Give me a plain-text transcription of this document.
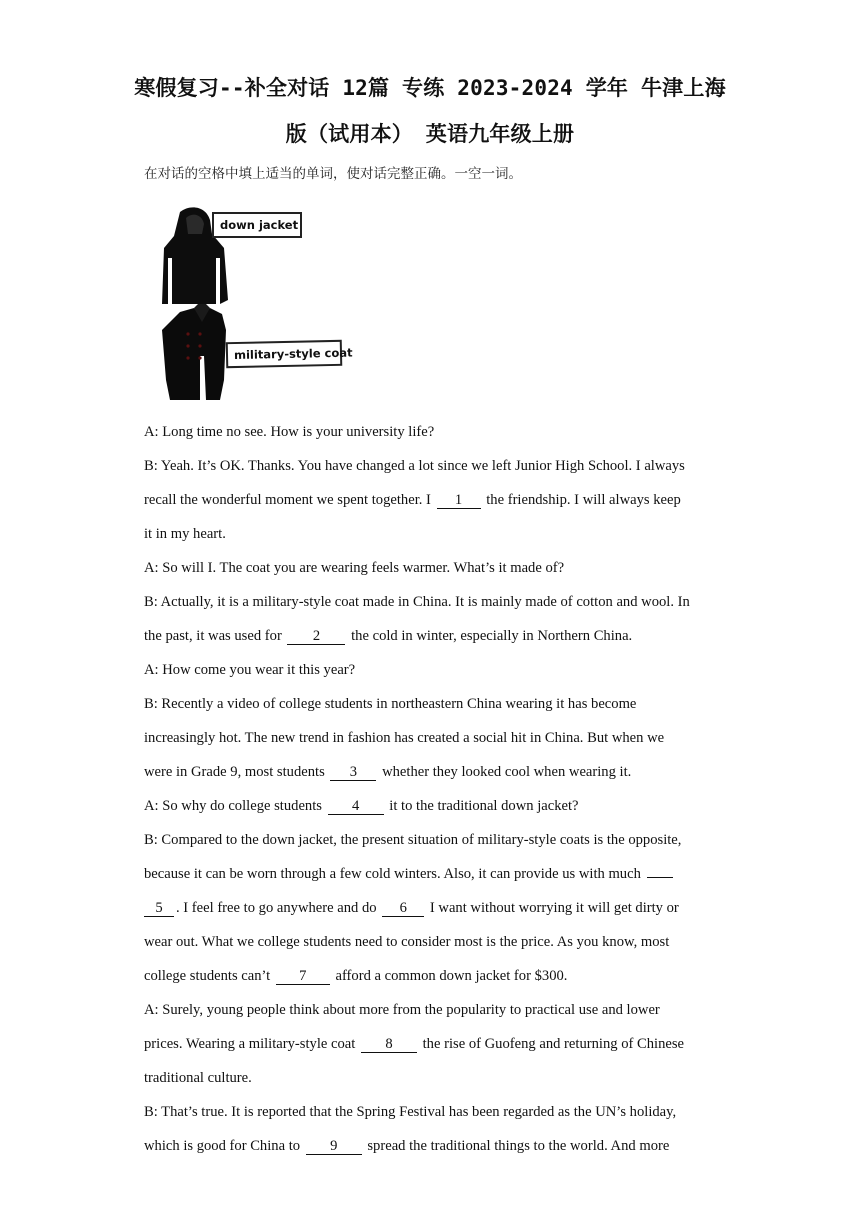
寒假复习--补全对话 12篇 专练 2023-2024 学年 牛津上海
版（试用本） 英语九年级上册
在对话的空格中填上适当的单词，使对话完整正确。一空一词。
down jacket
military-style coat
A: Long time no see. How is your university life?
B: Yeah. It’s OK. Thanks. You have changed a lot since we left Junior High School. I always
recall the wonderful moment we spent together. I 1 the friendship. I will always keep
it in my heart.
A: So will I. The coat you are wearing feels warmer. What’s it made of?
B: Actually, it is a military-style coat made in China. It is mainly made of cotton and wool. In
the past, it was used for 2 the cold in winter, especially in Northern China.
A: How come you wear it this year?
B: Recently a video of college students in northeastern China wearing it has become
increasingly hot. The new trend in fashion has created a social hit in China. But when we
were in Grade 9, most students 3 whether they looked cool when wearing it.
A: So why do college students 4 it to the traditional down jacket?
B: Compared to the down jacket, the present situation of military-style coats is the opposite,
because it can be worn through a few cold winters. Also, it can provide us with much
5 . I feel free to go anywhere and do 6 I want without worrying it will get dirty or
wear out. What we college students need to consider most is the price. As you know, most
college students can’t 7 afford a common down jacket for $300.
A: Surely, young people think about more from the popularity to practical use and lower
prices. Wearing a military-style coat 8 the rise of Guofeng and returning of Chinese
traditional culture.
B: That’s true. It is reported that the Spring Festival has been regarded as the UN’s holiday,
which is good for China to 9 spread the traditional things to the world. And more
